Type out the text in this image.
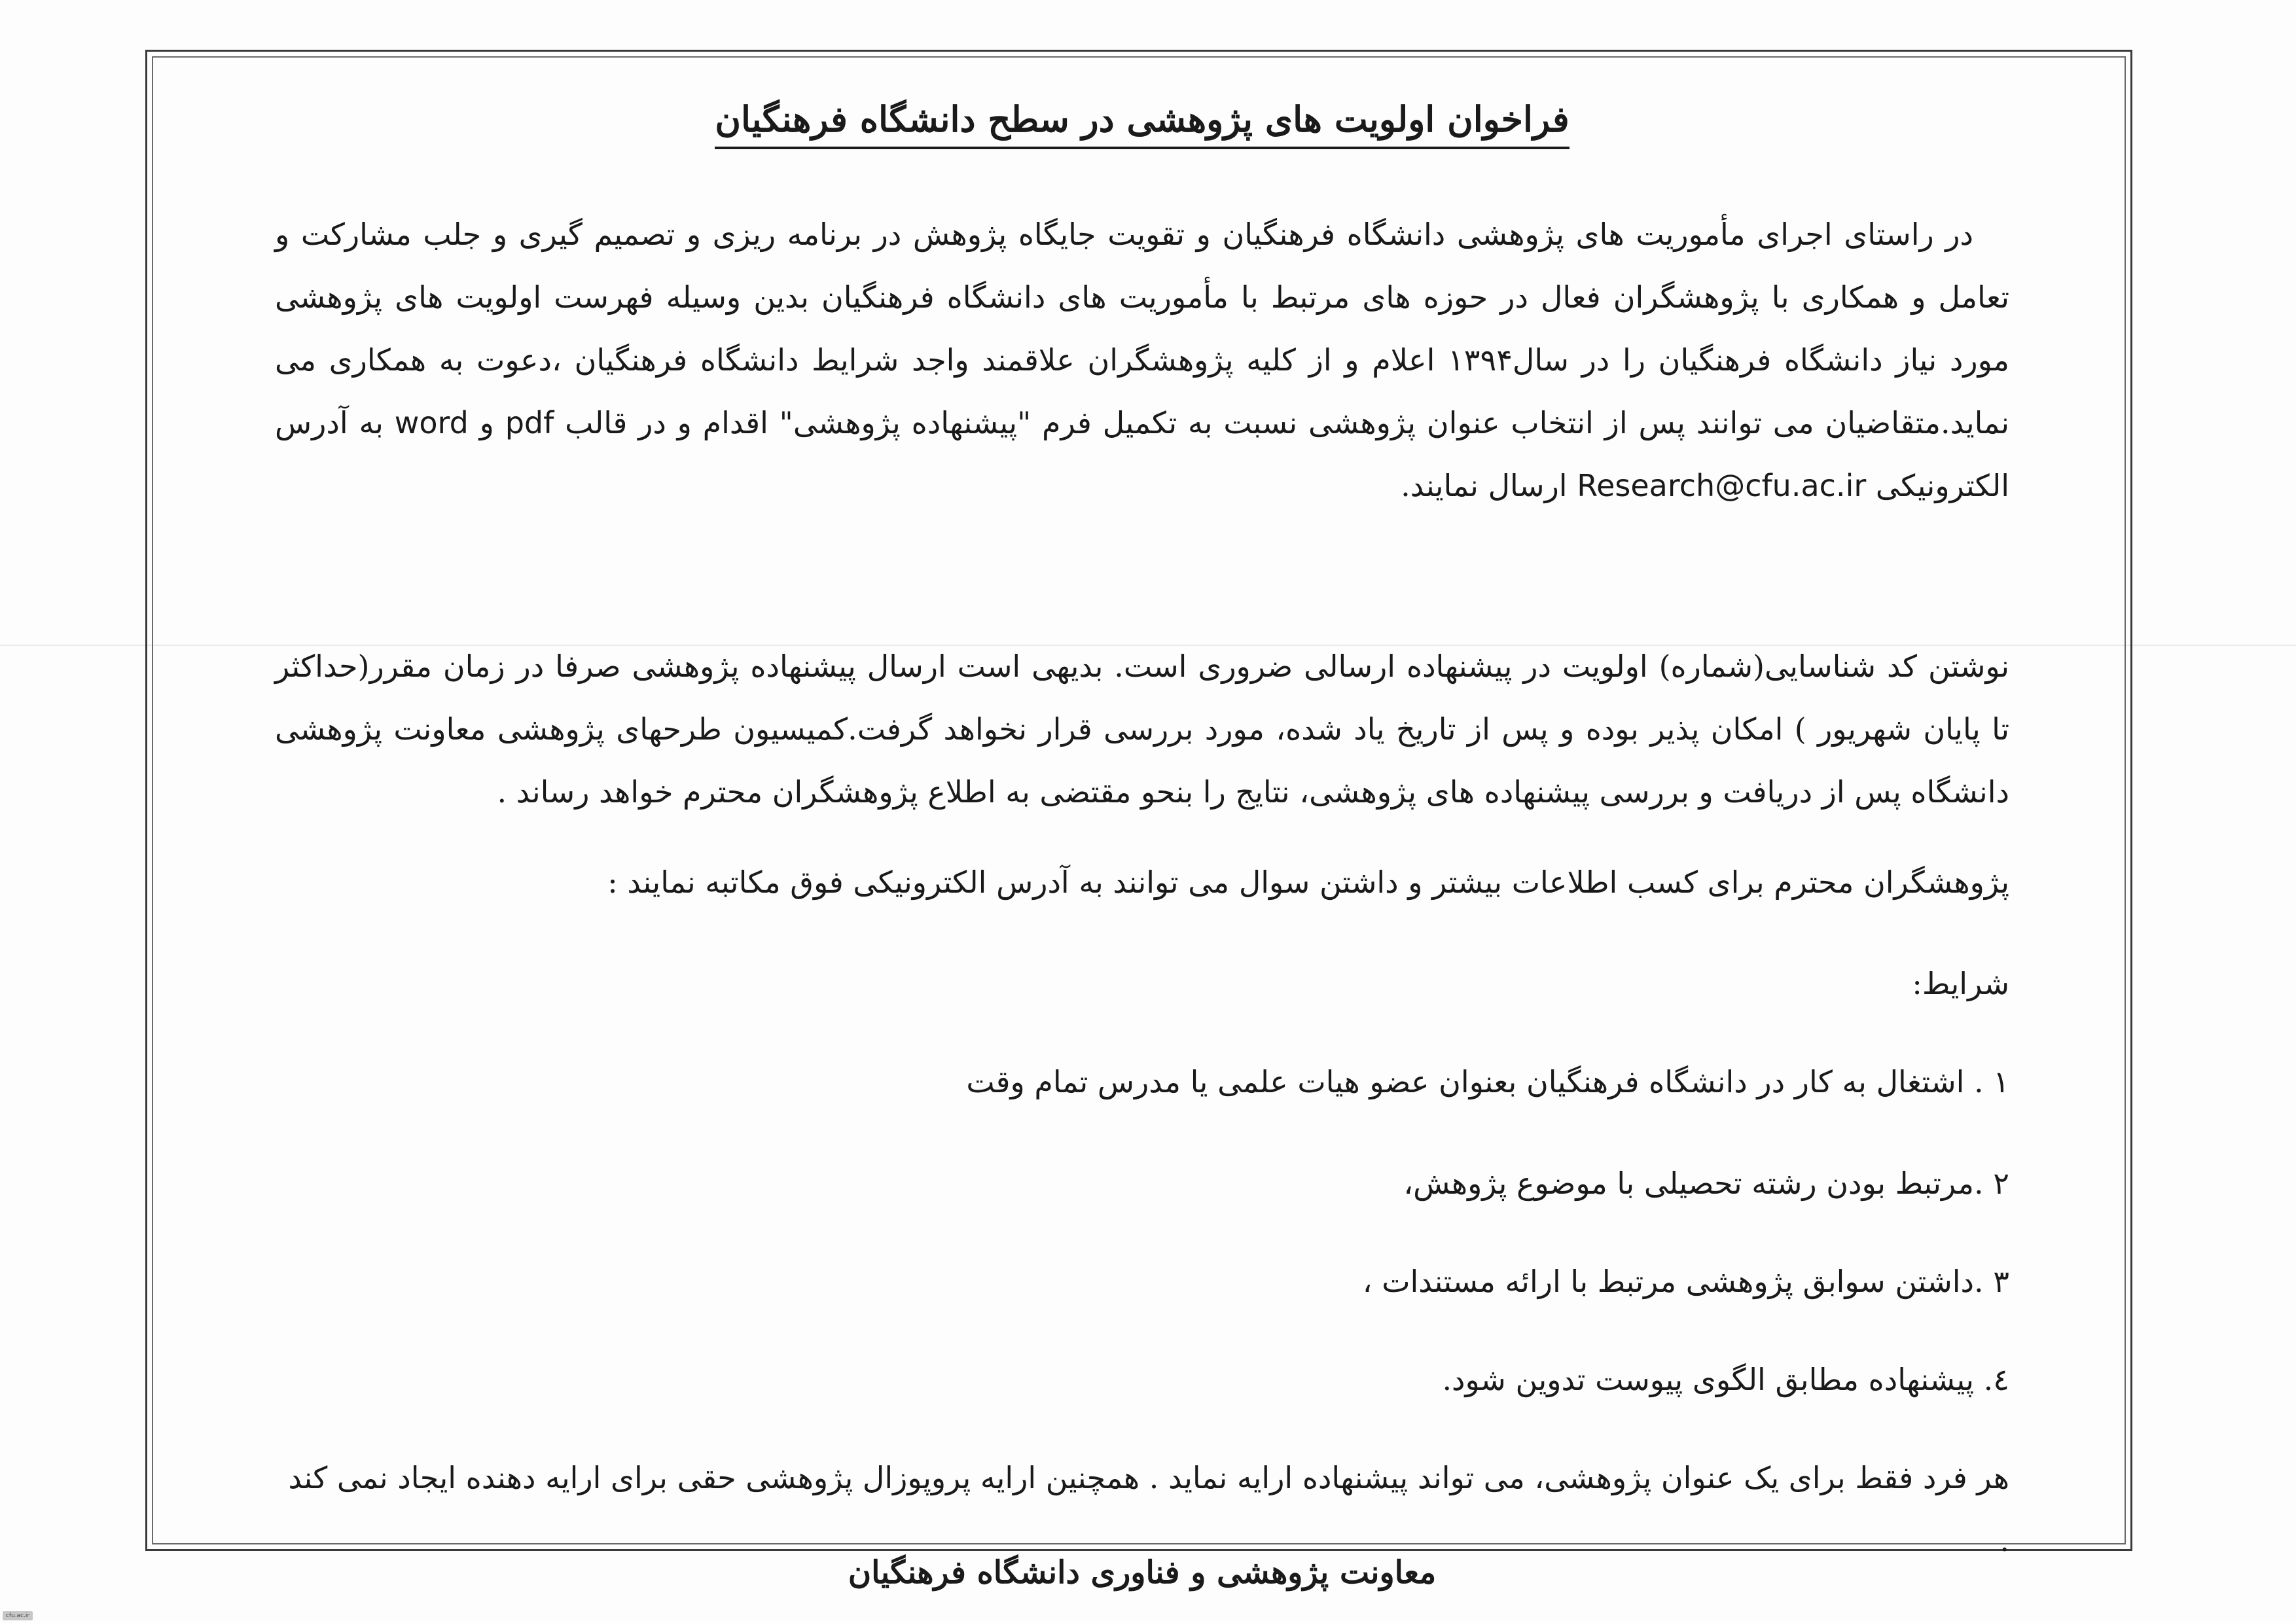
فراخوان اولویت های پژوهشی در سطح دانشگاه فرهنگیان

در راستای اجرای مأموریت های پژوهشی دانشگاه فرهنگیان و تقویت جایگاه پژوهش در برنامه ریزی و تصمیم گیری و جلب مشارکت و تعامل و همکاری با پژوهشگران فعال در حوزه های مرتبط با مأموریت های دانشگاه فرهنگیان بدین وسیله فهرست اولویت های پژوهشی مورد نیاز دانشگاه فرهنگیان را در سال۱۳۹۴ اعلام و از کلیه پژوهشگران علاقمند واجد شرایط دانشگاه فرهنگیان ،دعوت به همکاری می نماید.متقاضیان می توانند پس از انتخاب عنوان پژوهشی نسبت به تکمیل فرم "پیشنهاده پژوهشی" اقدام و در قالب pdf و word به آدرس الکترونیکی Research@cfu.ac.ir ارسال نمایند.

نوشتن کد شناسایی(شماره) اولویت در پیشنهاده ارسالی ضروری است. بدیهی است ارسال پیشنهاده پژوهشی صرفا در زمان مقرر(حداکثر تا پایان شهریور ) امکان پذیر بوده و پس از تاریخ یاد شده، مورد بررسی قرار نخواهد گرفت.کمیسیون طرحهای پژوهشی معاونت پژوهشی دانشگاه پس از دریافت و بررسی پیشنهاده های پژوهشی، نتایج را بنحو مقتضی به اطلاع پژوهشگران محترم خواهد رساند .

پژوهشگران محترم برای کسب اطلاعات بیشتر و داشتن سوال می توانند به آدرس الکترونیکی فوق مکاتبه نمایند :

شرایط:

۱ . اشتغال به کار در دانشگاه فرهنگیان بعنوان عضو هیات علمی یا مدرس تمام وقت

۲ .مرتبط بودن رشته تحصیلی با موضوع پژوهش،

۳ .داشتن سوابق پژوهشی مرتبط با ارائه مستندات ،

٤. پیشنهاده مطابق الگوی پیوست تدوین شود.

هر فرد فقط برای یک عنوان پژوهشی، می تواند پیشنهاده ارایه نماید . همچنین ارایه پروپوزال پژوهشی حقی برای ارایه دهنده ایجاد نمی کند .

معاونت پژوهشی و فناوری دانشگاه فرهنگیان

cfu.ac.ir
